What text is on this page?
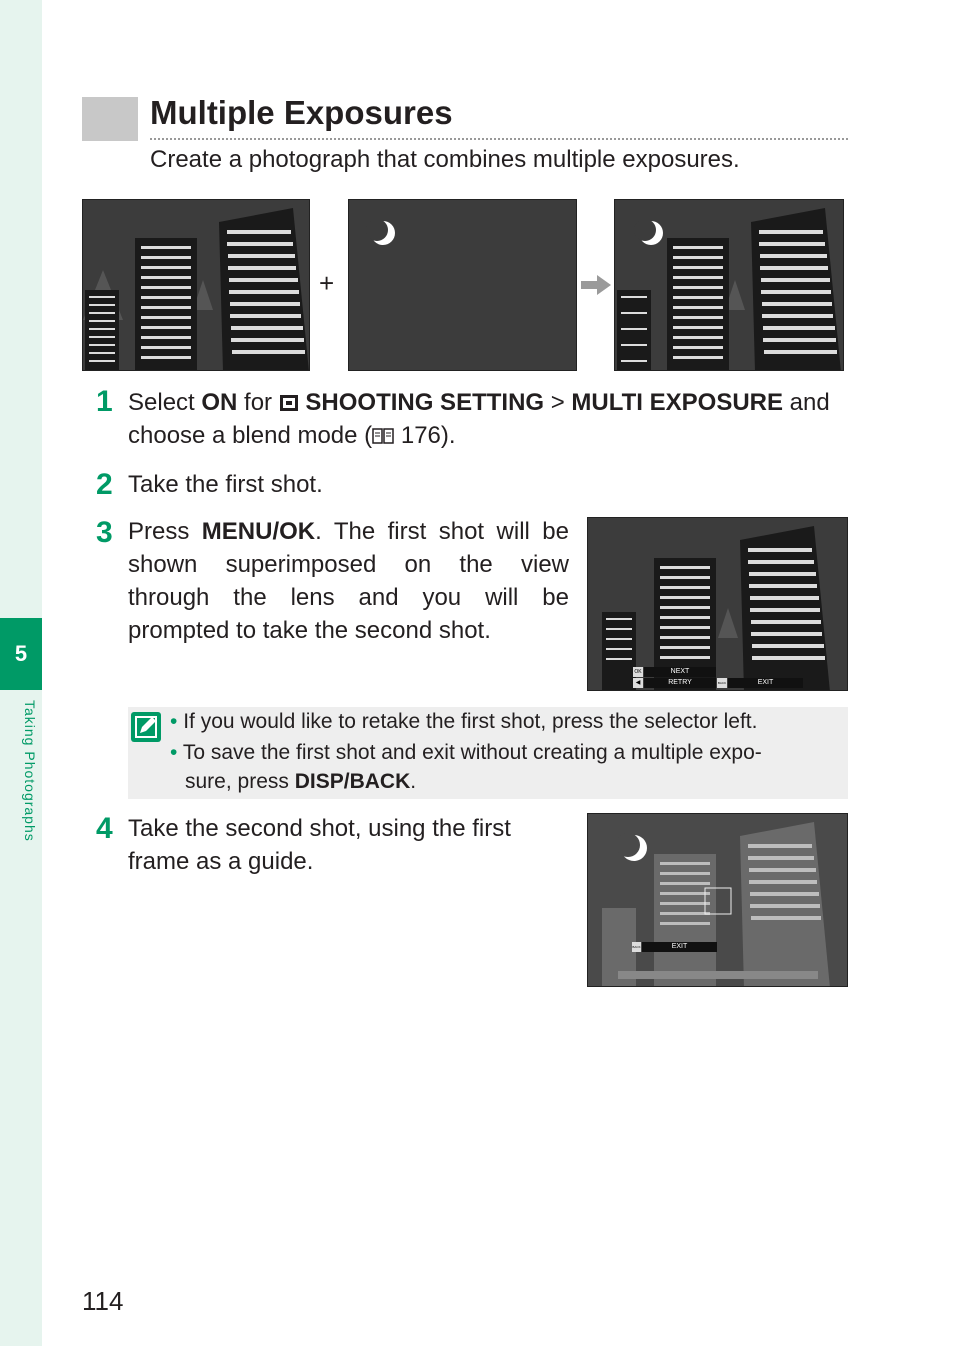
5
Taking Photographs
Multiple Exposures
Create a photograph that combines multiple exposures.
+
1 Select ON for  SHOOTING SETTING > MULTI EXPOSURE and
choose a blend mode ( 176).
2 Take the first shot.
3 Press MENU/OK. The first shot will be shown superimposed on the view through the lens and you will be prompted to take the second shot.
NEXT
RETRY	EXIT
OK
◀	BACK
• If you would like to retake the first shot, press the selector left.
• To save the first shot and exit without creating a multiple expo-
sure, press DISP/BACK.
4 Take the second shot, using the first frame as a guide.
EXIT
BACK
114
